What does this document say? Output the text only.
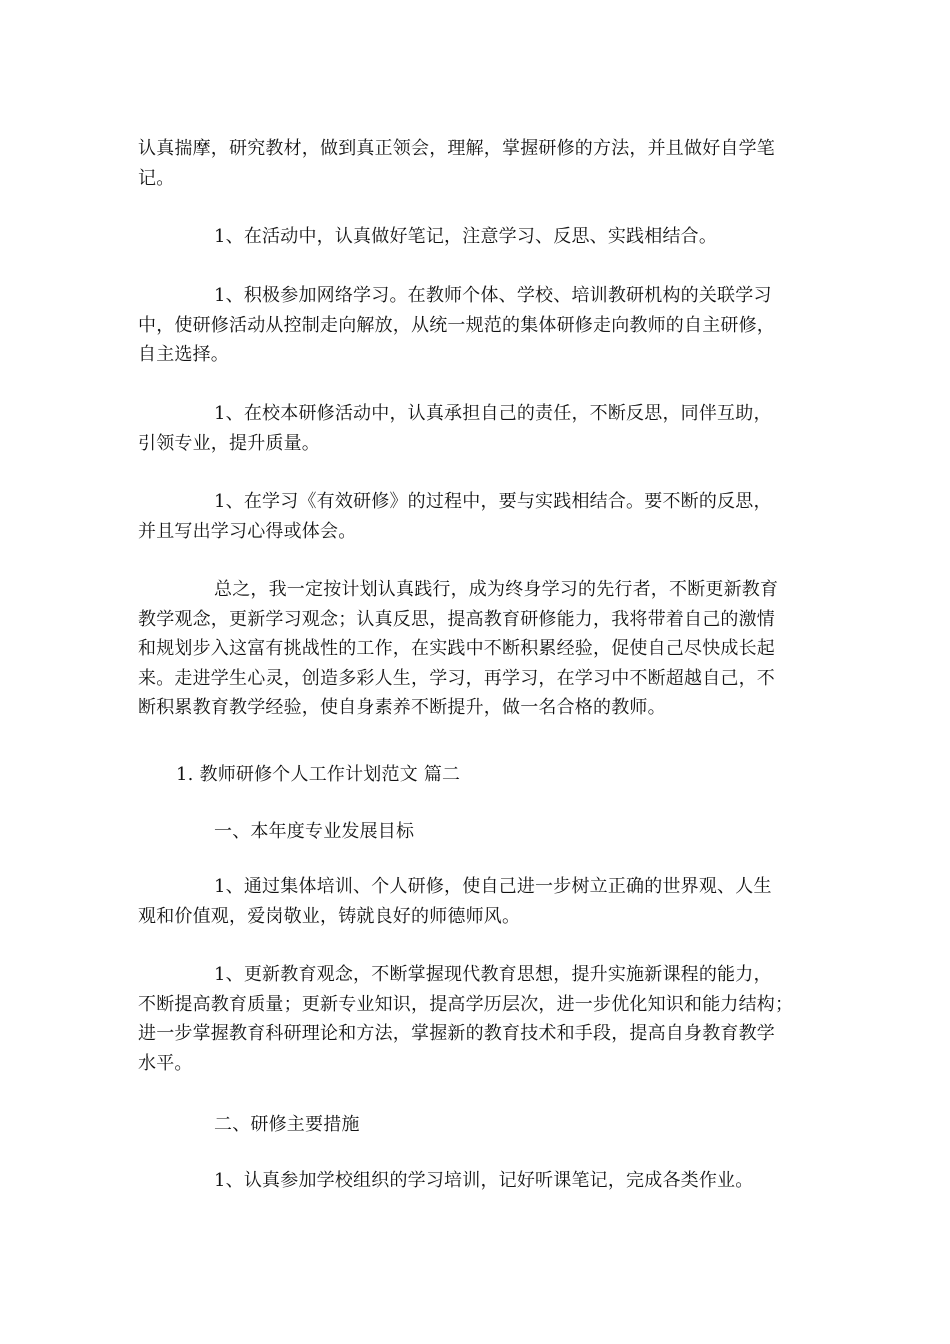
认真揣摩，研究教材，做到真正领会，理解，掌握研修的方法，并且做好自学笔
记。

1、在活动中，认真做好笔记，注意学习、反思、实践相结合。

1、积极参加网络学习。在教师个体、学校、培训教研机构的关联学习
中，使研修活动从控制走向解放，从统一规范的集体研修走向教师的自主研修，
自主选择。

1、在校本研修活动中，认真承担自己的责任，不断反思，同伴互助，
引领专业，提升质量。

1、在学习《有效研修》的过程中，要与实践相结合。要不断的反思，
并且写出学习心得或体会。

总之，我一定按计划认真践行，成为终身学习的先行者，不断更新教育
教学观念，更新学习观念；认真反思，提高教育研修能力，我将带着自己的激情
和规划步入这富有挑战性的工作，在实践中不断积累经验，促使自己尽快成长起
来。走进学生心灵，创造多彩人生，学习，再学习，在学习中不断超越自己，不
断积累教育教学经验，使自身素养不断提升，做一名合格的教师。

1. 教师研修个人工作计划范文 篇二

一、本年度专业发展目标

1、通过集体培训、个人研修，使自己进一步树立正确的世界观、人生
观和价值观，爱岗敬业，铸就良好的师德师风。

1、更新教育观念，不断掌握现代教育思想，提升实施新课程的能力，
不断提高教育质量；更新专业知识，提高学历层次，进一步优化知识和能力结构；
进一步掌握教育科研理论和方法，掌握新的教育技术和手段，提高自身教育教学
水平。

二、研修主要措施

1、认真参加学校组织的学习培训，记好听课笔记，完成各类作业。
